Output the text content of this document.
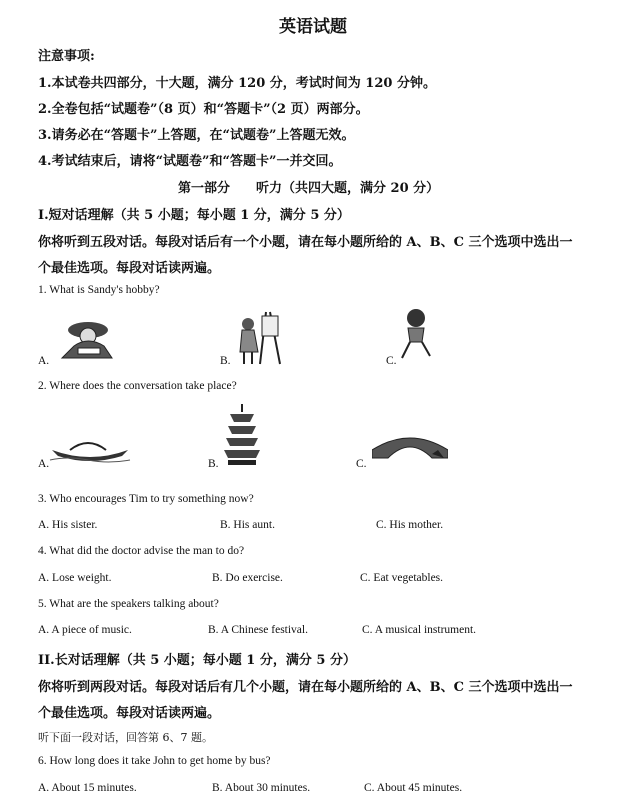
英语试题
注意事项:
1.本试卷共四部分，十大题，满分 120 分，考试时间为 120 分钟。
2.全卷包括“试题卷”（8 页）和“答题卡”（2 页）两部分。
3.请务必在“答题卡”上答题，在“试题卷”上答题无效。
4.考试结束后，请将“试题卷”和“答题卡”一并交回。
第一部分　　听力（共四大题，满分 20 分）
I.短对话理解（共 5 小题；每小题 1 分，满分 5 分）
你将听到五段对话。每段对话后有一个小题，请在每小题所给的 A、B、C 三个选项中选出一
个最佳选项。每段对话读两遍。
1. What is Sandy's hobby?
A.	B.	C.
2. Where does the conversation take place?
A.	B.	C.
3. Who encourages Tim to try something now?
A. His sister.	B. His aunt.	C. His mother.
4. What did the doctor advise the man to do?
A. Lose weight.	B. Do exercise.	C. Eat vegetables.
5. What are the speakers talking about?
A. A piece of music.	B. A Chinese festival.	C. A musical instrument.
II.长对话理解（共 5 小题；每小题 1 分，满分 5 分）
你将听到两段对话。每段对话后有几个小题，请在每小题所给的 A、B、C 三个选项中选出一
个最佳选项。每段对话读两遍。
听下面一段对话，回答第 6、7 题。
6. How long does it take John to get home by bus?
A. About 15 minutes.	B. About 30 minutes.	C. About 45 minutes.
